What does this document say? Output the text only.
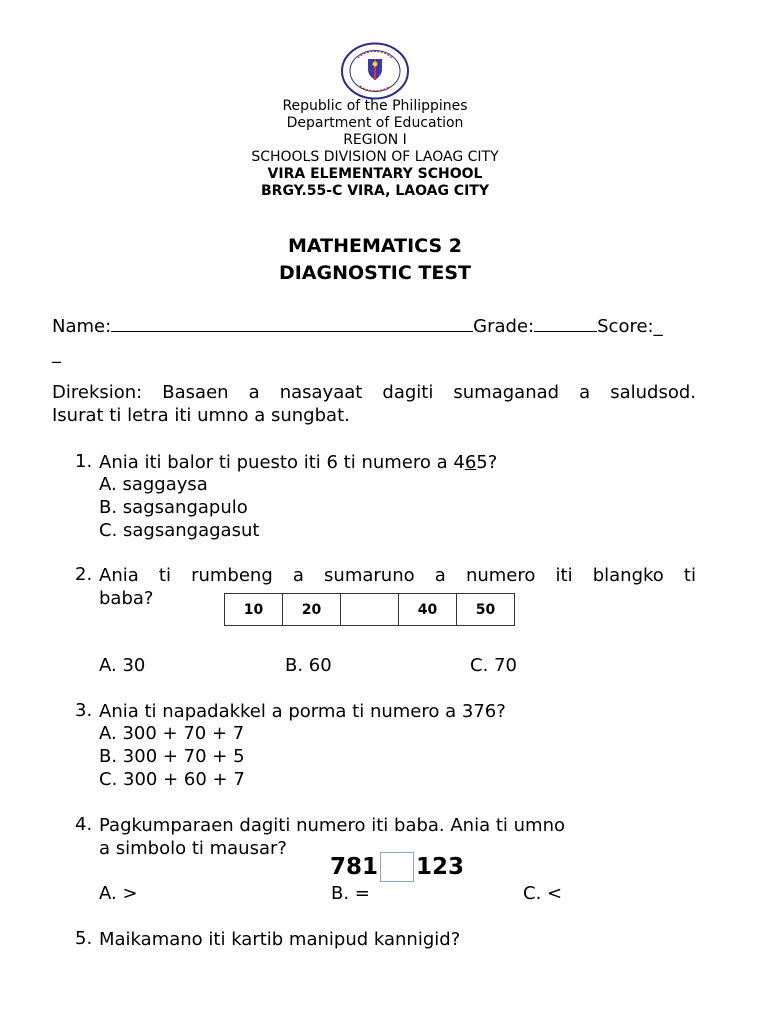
Republic of the Philippines
Department of Education
REGION I
SCHOOLS DIVISION OF LAOAG CITY
VIRA ELEMENTARY SCHOOL
BRGY.55-C VIRA, LAOAG CITY
MATHEMATICS 2
DIAGNOSTIC TEST
Name:	Grade:	Score:_
_
Direksion: Basaen a nasayaat dagiti sumaganad a saludsod.
Isurat ti letra iti umno a sungbat.
1. Ania iti balor ti puesto iti 6 ti numero a 465?
A. saggaysa
B. sagsangapulo
C. sagsangagasut
2. Ania ti rumbeng a sumaruno a numero iti blangko ti
baba?
10	20		40	50
A. 30	B. 60	C. 70
3. Ania ti napadakkel a porma ti numero a 376?
A. 300 + 70 + 7
B. 300 + 70 + 5
C. 300 + 60 + 7
4. Pagkumparaen dagiti numero iti baba. Ania ti umno
a simbolo ti mausar?
781 123
A. >	B. =	C. <
5. Maikamano iti kartib manipud kannigid?
